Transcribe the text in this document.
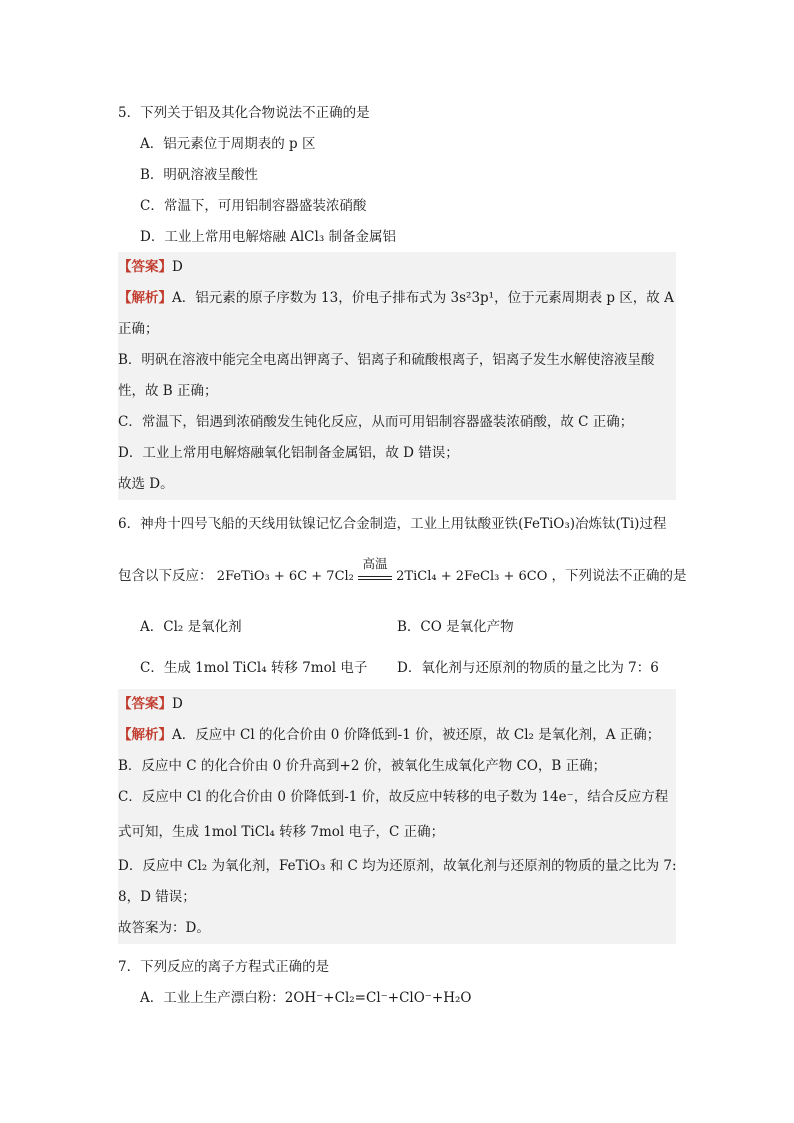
5．下列关于铝及其化合物说法不正确的是
A．铝元素位于周期表的 p 区
B．明矾溶液呈酸性
C．常温下，可用铝制容器盛装浓硝酸
D．工业上常用电解熔融 AlCl₃ 制备金属铝
【答案】D
【解析】A．铝元素的原子序数为 13，价电子排布式为 3s²3p¹，位于元素周期表 p 区，故 A
正确；
B．明矾在溶液中能完全电离出钾离子、铝离子和硫酸根离子，铝离子发生水解使溶液呈酸
性，故 B 正确；
C．常温下，铝遇到浓硝酸发生钝化反应，从而可用铝制容器盛装浓硝酸，故 C 正确；
D．工业上常用电解熔融氧化铝制备金属铝，故 D 错误；
故选 D。
6．神舟十四号飞船的天线用钛镍记忆合金制造，工业上用钛酸亚铁(FeTiO₃)冶炼钛(Ti)过程
包含以下反应： 2FeTiO₃ + 6C + 7Cl₂
高温
2TiCl₄ + 2FeCl₃ + 6CO ，下列说法不正确的是
A．Cl₂ 是氧化剂	B．CO 是氧化产物
C．生成 1mol TiCl₄ 转移 7mol 电子 D．氧化剂与还原剂的物质的量之比为 7：6
【答案】D
【解析】A．反应中 Cl 的化合价由 0 价降低到-1 价，被还原，故 Cl₂ 是氧化剂，A 正确；
B．反应中 C 的化合价由 0 价升高到+2 价，被氧化生成氧化产物 CO，B 正确；
C．反应中 Cl 的化合价由 0 价降低到-1 价，故反应中转移的电子数为 14e⁻，结合反应方程
式可知，生成 1mol TiCl₄ 转移 7mol 电子，C 正确；
D．反应中 Cl₂ 为氧化剂，FeTiO₃ 和 C 均为还原剂，故氧化剂与还原剂的物质的量之比为 7:
8，D 错误；
故答案为：D。
7．下列反应的离子方程式正确的是
A．工业上生产漂白粉：2OH⁻+Cl₂=Cl⁻+ClO⁻+H₂O
